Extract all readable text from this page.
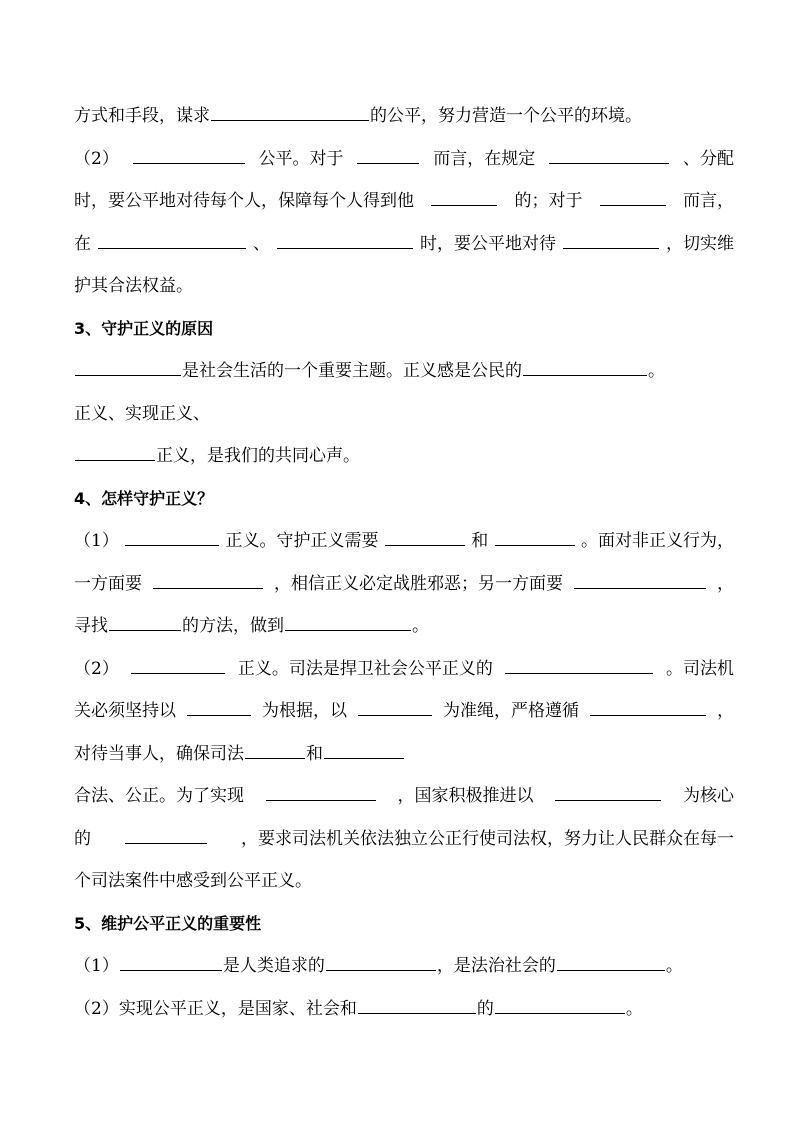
方式和手段，谋求	的公平，努力营造一个公平的环境。
（2）	公平。对于	而言，在规定	、分配
时，要公平地对待每个人，保障每个人得到他	的；对于	而言，
在	、	时，要公平地对待	，切实维
护其合法权益。
3、守护正义的原因
是社会生活的一个重要主题。正义感是公民的	。
正义、实现正义、
正义，是我们的共同心声。
4、怎样守护正义？
（1）	正义。守护正义需要	和	。面对非正义行为，
一方面要	，相信正义必定战胜邪恶；另一方面要	，
寻找	的方法，做到	。
（2）	正义。司法是捍卫社会公平正义的	。司法机
关必须坚持以	为根据，以	为准绳，严格遵循	，
对待当事人，确保司法	和
合法、公正。为了实现	，国家积极推进以	为核心
的	，要求司法机关依法独立公正行使司法权，努力让人民群众在每一
个司法案件中感受到公平正义。
5、维护公平正义的重要性
（1）	是人类追求的	，是法治社会的	。
（2）实现公平正义，是国家、社会和	的	。
